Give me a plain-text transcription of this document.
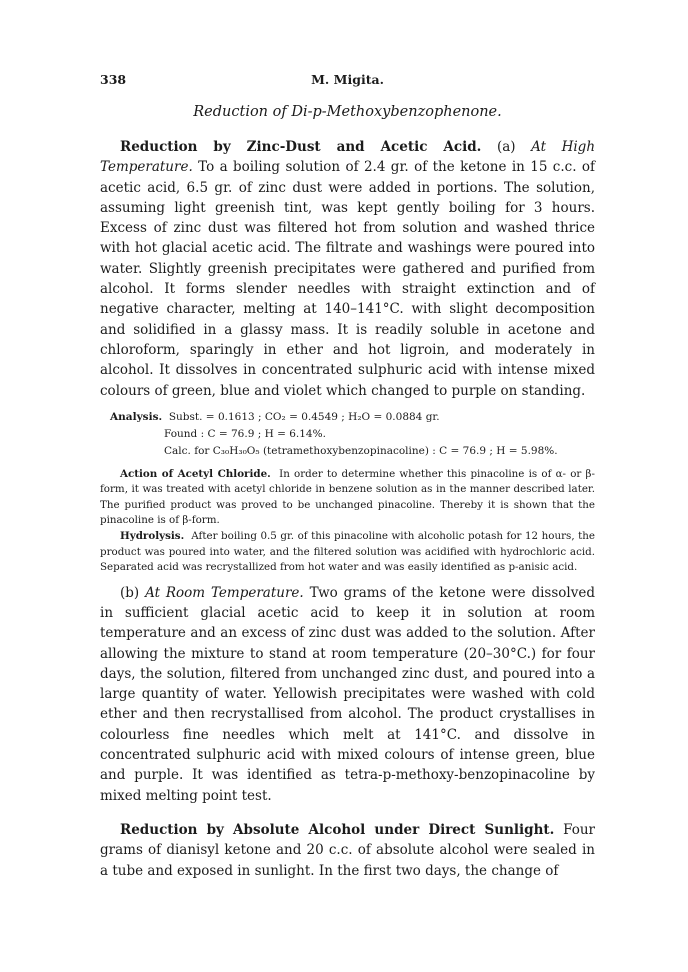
338	M. Migita.
Reduction of Di-p-Methoxybenzophenone.

Reduction by Zinc-Dust and Acetic Acid. (a) At High Temperature. To a boiling solution of 2.4 gr. of the ketone in 15 c.c. of acetic acid, 6.5 gr. of zinc dust were added in portions. The solution, assuming light greenish tint, was kept gently boiling for 3 hours. Excess of zinc dust was filtered hot from solution and washed thrice with hot glacial acetic acid. The filtrate and washings were poured into water. Slightly greenish precipitates were gathered and purified from alcohol. It forms slender needles with straight extinction and of negative character, melting at 140–141°C. with slight decomposition and solidified in a glassy mass. It is readily soluble in acetone and chloroform, sparingly in ether and hot ligroin, and moderately in alcohol. It dissolves in concentrated sulphuric acid with intense mixed colours of green, blue and violet which changed to purple on standing.

Analysis. Subst. = 0.1613 ; CO₂ = 0.4549 ; H₂O = 0.0884 gr.
Found : C = 76.9 ; H = 6.14%.
Calc. for C₃₀H₃₀O₅ (tetramethoxybenzopinacoline) : C = 76.9 ; H = 5.98%.

Action of Acetyl Chloride. In order to determine whether this pinacoline is of α- or β-form, it was treated with acetyl chloride in benzene solution as in the manner described later. The purified product was proved to be unchanged pinacoline. Thereby it is shown that the pinacoline is of β-form.

Hydrolysis. After boiling 0.5 gr. of this pinacoline with alcoholic potash for 12 hours, the product was poured into water, and the filtered solution was acidified with hydrochloric acid. Separated acid was recrystallized from hot water and was easily identified as p-anisic acid.

(b) At Room Temperature. Two grams of the ketone were dissolved in sufficient glacial acetic acid to keep it in solution at room temperature and an excess of zinc dust was added to the solution. After allowing the mixture to stand at room temperature (20–30°C.) for four days, the solution, filtered from unchanged zinc dust, and poured into a large quantity of water. Yellowish precipitates were washed with cold ether and then recrystallised from alcohol. The product crystallises in colourless fine needles which melt at 141°C. and dissolve in concentrated sulphuric acid with mixed colours of intense green, blue and purple. It was identified as tetra-p-methoxy-benzopinacoline by mixed melting point test.

Reduction by Absolute Alcohol under Direct Sunlight. Four grams of dianisyl ketone and 20 c.c. of absolute alcohol were sealed in a tube and exposed in sunlight. In the first two days, the change of
